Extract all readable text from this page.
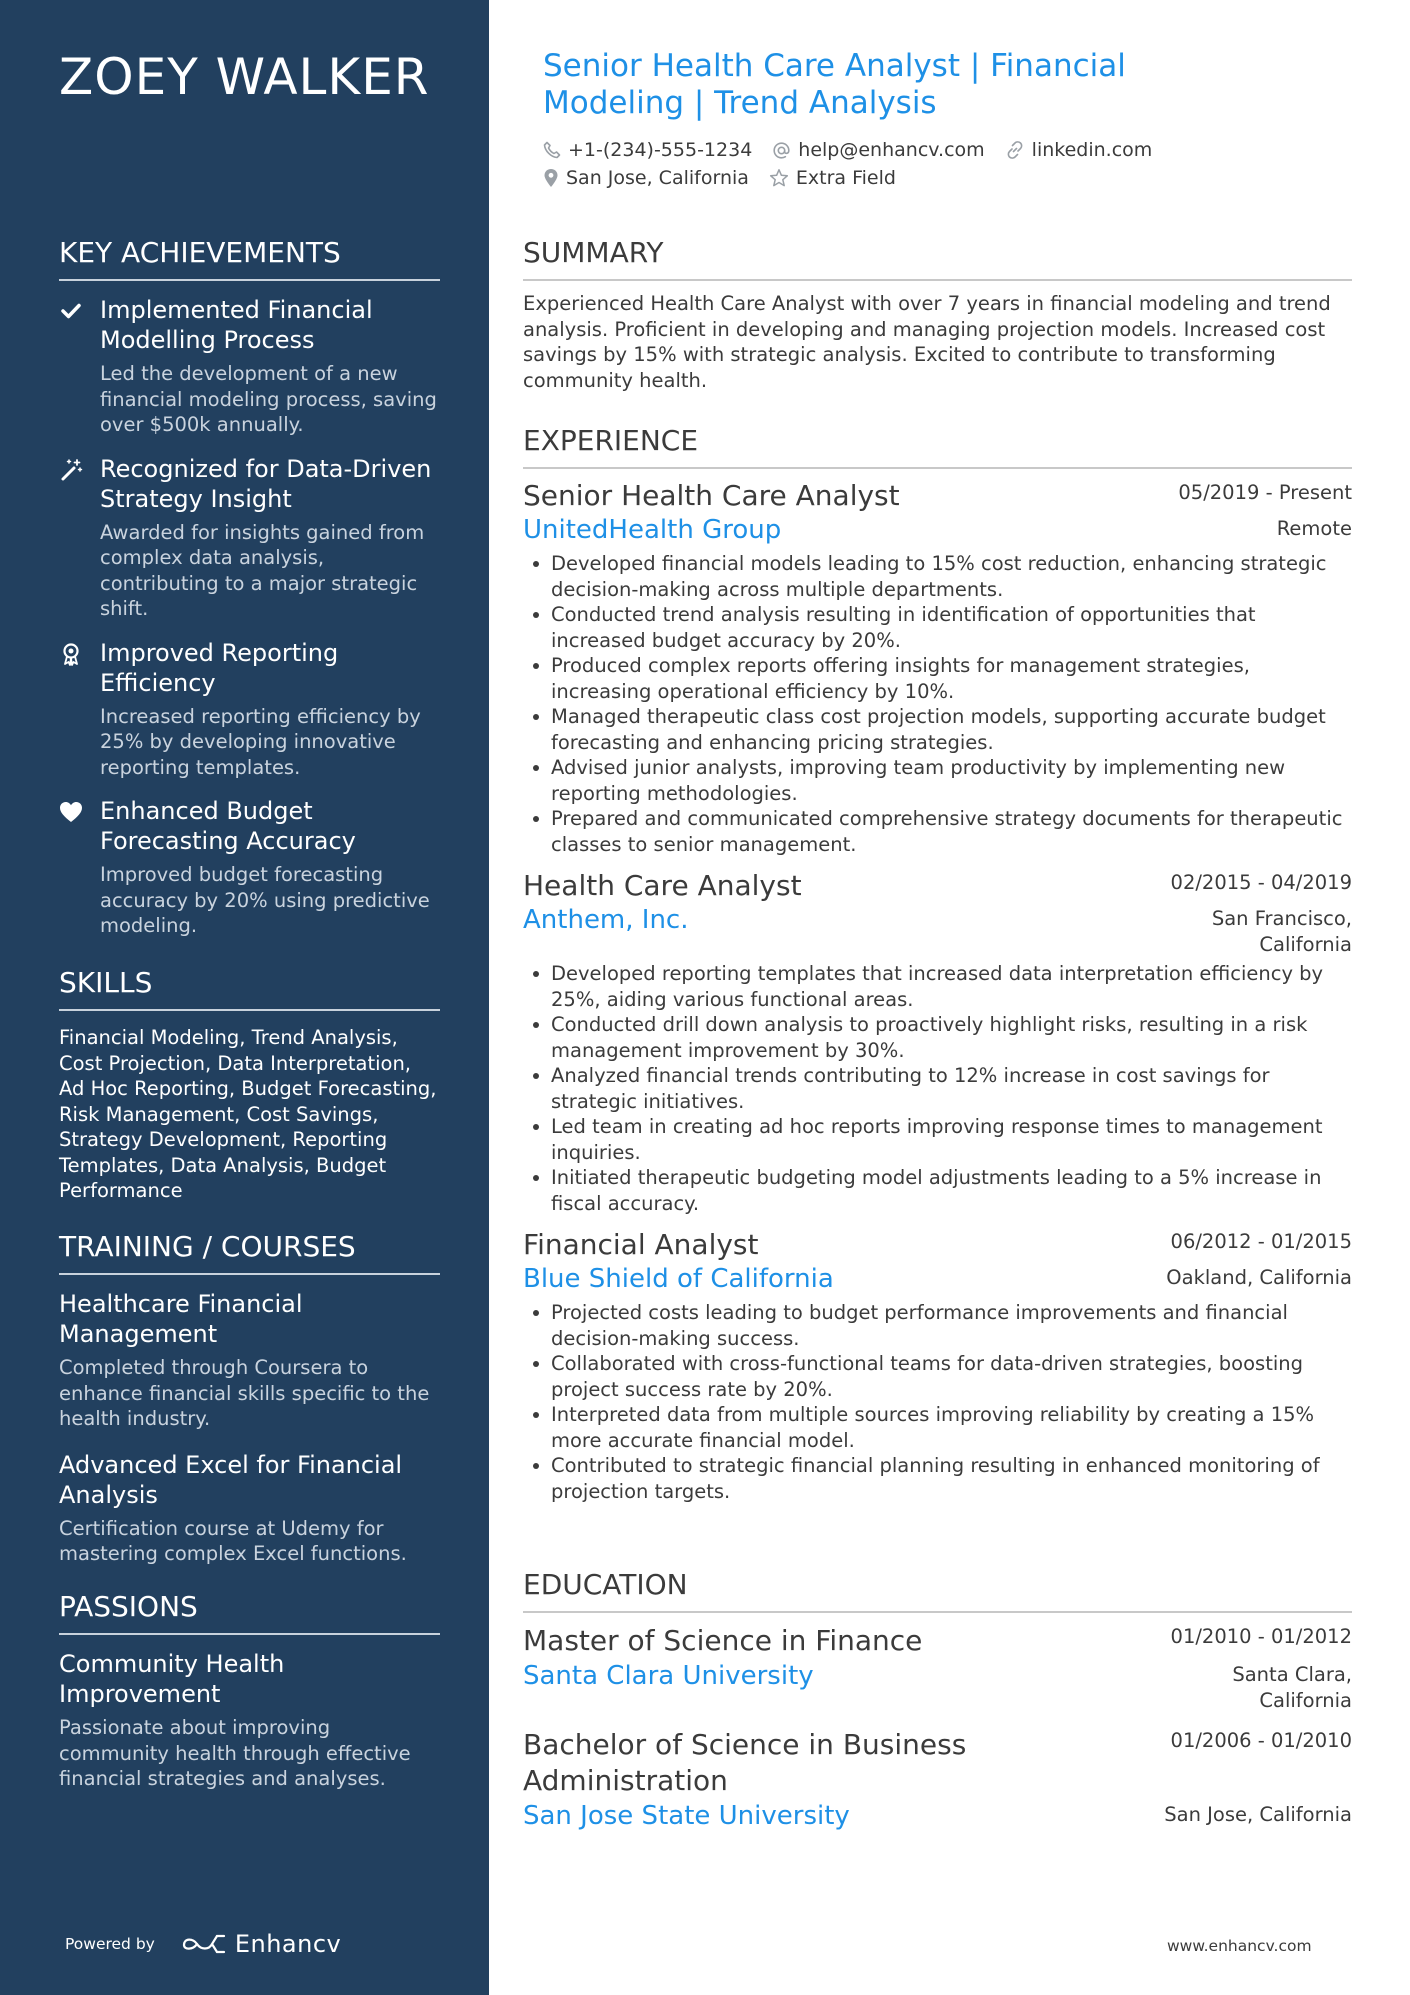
ZOEY WALKER
KEY ACHIEVEMENTS
Implemented Financial Modelling Process
Led the development of a new financial modeling process, saving over $500k annually.
Recognized for Data-Driven Strategy Insight
Awarded for insights gained from complex data analysis, contributing to a major strategic shift.
Improved Reporting Efficiency
Increased reporting efficiency by 25% by developing innovative reporting templates.
Enhanced Budget Forecasting Accuracy
Improved budget forecasting accuracy by 20% using predictive modeling.
SKILLS
Financial Modeling, Trend Analysis, Cost Projection, Data Interpretation, Ad Hoc Reporting, Budget Forecasting, Risk Management, Cost Savings, Strategy Development, Reporting Templates, Data Analysis, Budget Performance
TRAINING / COURSES
Healthcare Financial Management
Completed through Coursera to enhance financial skills specific to the health industry.
Advanced Excel for Financial Analysis
Certification course at Udemy for mastering complex Excel functions.
PASSIONS
Community Health Improvement
Passionate about improving community health through effective financial strategies and analyses.
Powered by	Enhancv
Senior Health Care Analyst | Financial Modeling | Trend Analysis
+1-(234)-555-1234 help@enhancv.com linkedin.com
San Jose, California Extra Field
SUMMARY
Experienced Health Care Analyst with over 7 years in financial modeling and trend analysis. Proficient in developing and managing projection models. Increased cost savings by 15% with strategic analysis. Excited to contribute to transforming community health.
EXPERIENCE
Senior Health Care Analyst	05/2019 - Present
UnitedHealth Group	Remote
Developed financial models leading to 15% cost reduction, enhancing strategic decision-making across multiple departments.
Conducted trend analysis resulting in identification of opportunities that increased budget accuracy by 20%.
Produced complex reports offering insights for management strategies, increasing operational efficiency by 10%.
Managed therapeutic class cost projection models, supporting accurate budget forecasting and enhancing pricing strategies.
Advised junior analysts, improving team productivity by implementing new reporting methodologies.
Prepared and communicated comprehensive strategy documents for therapeutic classes to senior management.
Health Care Analyst	02/2015 - 04/2019
Anthem, Inc.	San Francisco, California
Developed reporting templates that increased data interpretation efficiency by 25%, aiding various functional areas.
Conducted drill down analysis to proactively highlight risks, resulting in a risk management improvement by 30%.
Analyzed financial trends contributing to 12% increase in cost savings for strategic initiatives.
Led team in creating ad hoc reports improving response times to management inquiries.
Initiated therapeutic budgeting model adjustments leading to a 5% increase in fiscal accuracy.
Financial Analyst	06/2012 - 01/2015
Blue Shield of California	Oakland, California
Projected costs leading to budget performance improvements and financial decision-making success.
Collaborated with cross-functional teams for data-driven strategies, boosting project success rate by 20%.
Interpreted data from multiple sources improving reliability by creating a 15% more accurate financial model.
Contributed to strategic financial planning resulting in enhanced monitoring of projection targets.
EDUCATION
Master of Science in Finance	01/2010 - 01/2012
Santa Clara University	Santa Clara, California
Bachelor of Science in Business Administration
01/2006 - 01/2010
San Jose State University	San Jose, California
www.enhancv.com
